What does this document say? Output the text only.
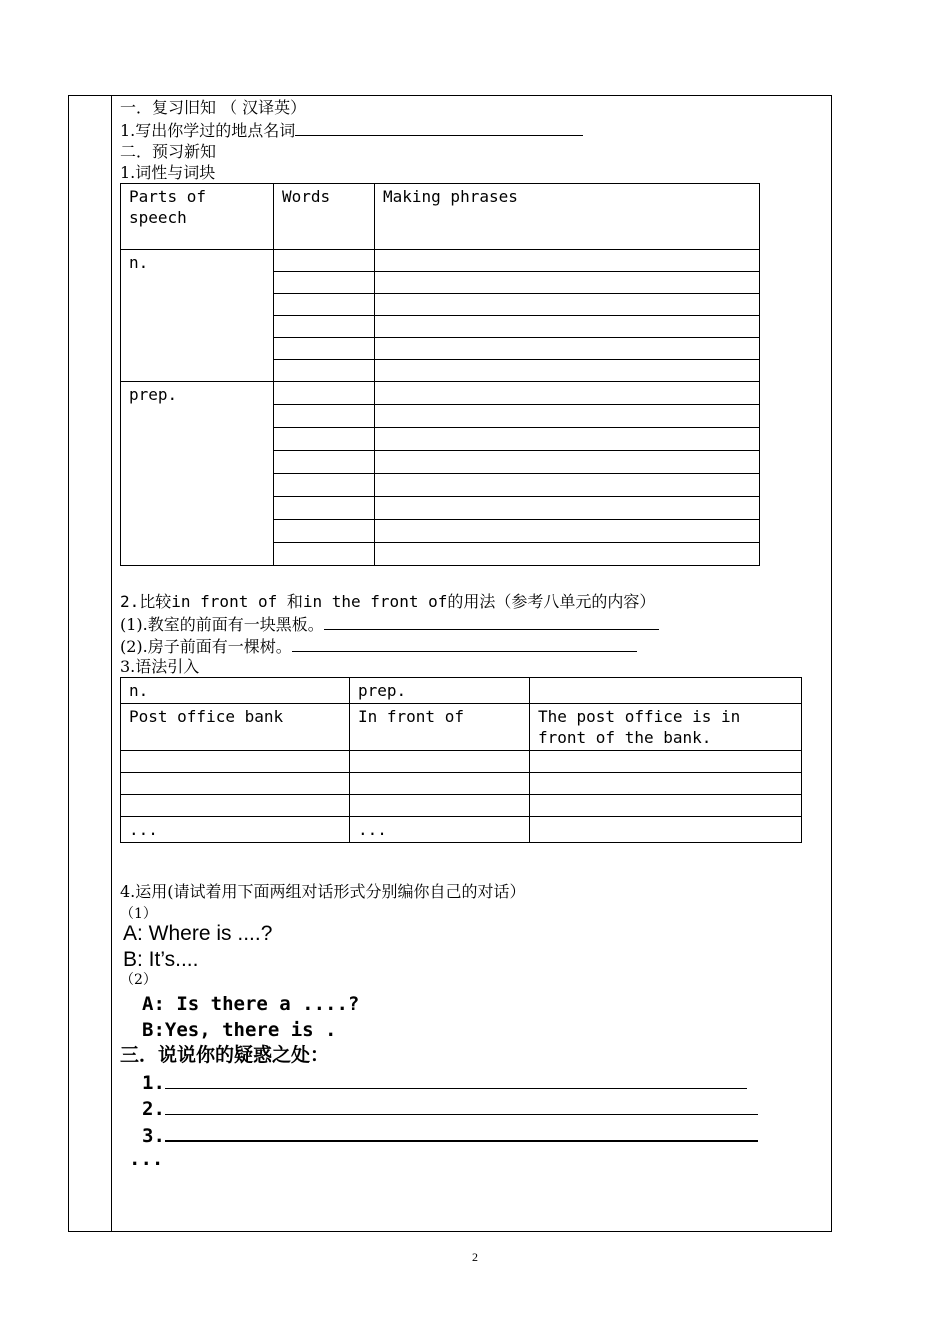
一．复习旧知 （ 汉译英）
1.写出你学过的地点名词
二．预习新知
1.词性与词块
Parts of speech	Words	Making phrases
n.		

prep.		

2.比较in front of 和in the front of的用法（参考八单元的内容）
(1).教室的前面有一块黑板。
(2).房子前面有一棵树。
3.语法引入
n.	prep.	
Post office bank	In front of	The post office is in front of the bank.

...	...	
4.运用(请试着用下面两组对话形式分别编你自己的对话）
（1）
A: Where is ....?
B: It’s....
（2）
A: Is there a ....?
B:Yes, there is .
三．说说你的疑惑之处：
1.
2.
3.
...
2
